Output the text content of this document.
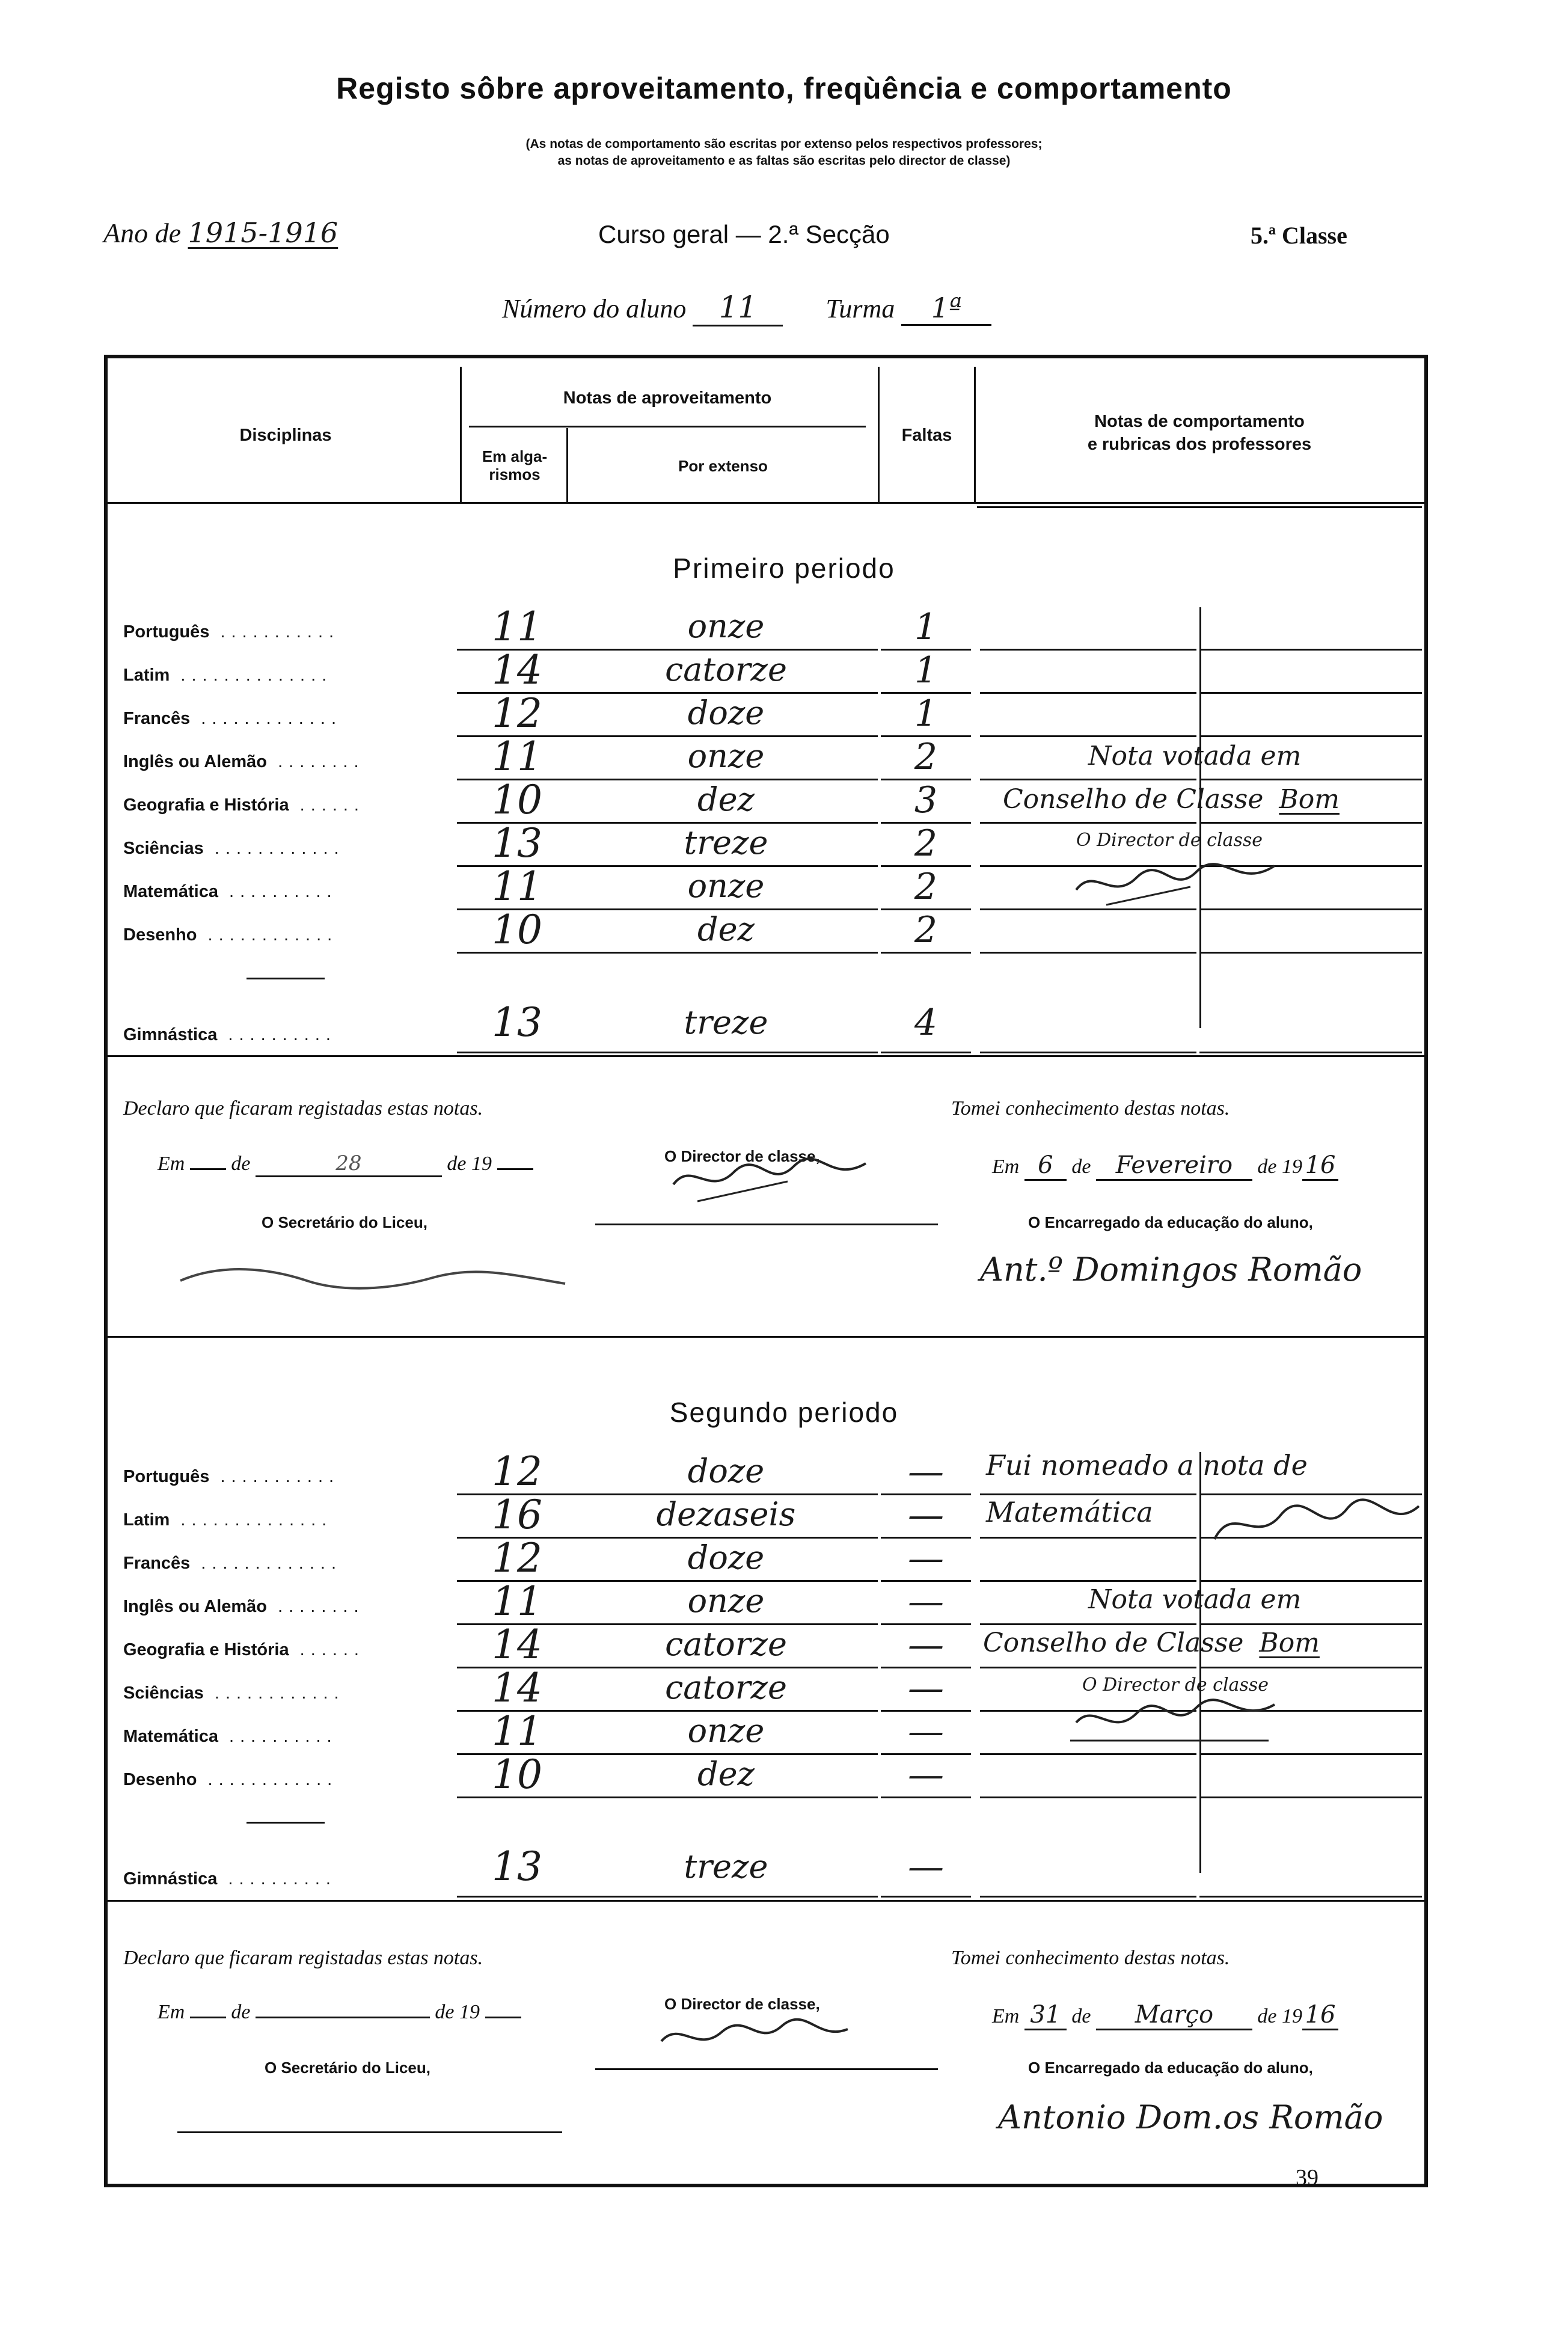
Registo sôbre aproveitamento, freqùência e comportamento
(As notas de comportamento são escritas por extenso pelos respectivos professores;
as notas de aproveitamento e as faltas são escritas pelo director de classe)
Ano de 1915-1916	Curso geral — 2.ª Secção	5.ª Classe
Número do aluno 11	Turma 1ª
Disciplinas
Notas de aproveitamento
Em alga-
rismos	Por extenso
Faltas
Notas de comportamento
e rubricas dos professores
Primeiro periodo
Português ...........	11	onze	1
Latim ..............	14	catorze	1
Francês .............	12	doze	1
Inglês ou Alemão ........	11	onze	2
Geografia e História ......	10	dez	3
Sciências ............	13	treze	2
Matemática ..........	11	onze	2
Desenho ............	10	dez	2
Gimnástica ..........	13	treze	4
Nota votada em
Conselho de Classe Bom
O Director de classe
Declaro que ficaram registadas estas notas.
Em de	28	de 19	O Director de classe,
O Secretário do Liceu,
Tomei conhecimento destas notas.
Em 6 de Fevereiro de 19 16
O Encarregado da educação do aluno,
Ant.º Domingos Romão
Segundo periodo
Português ...........	12	doze	—
Latim ..............	16	dezaseis	—
Francês .............	12	doze	—
Inglês ou Alemão ........	11	onze	—
Geografia e História ......	14	catorze	—
Sciências ............	14	catorze	—
Matemática ..........	11	onze	—
Desenho ............	10	dez	—
Gimnástica ..........	13	treze	—
Fui nomeado a nota de
Matemática
Nota votada em
Conselho de Classe Bom
O Director de classe
Declaro que ficaram registadas estas notas.
Em de	de 19	O Director de classe,
O Secretário do Liceu,
Tomei conhecimento destas notas.
Em 31 de Março de 19 16
O Encarregado da educação do aluno,
Antonio Dom.os Romão
39
